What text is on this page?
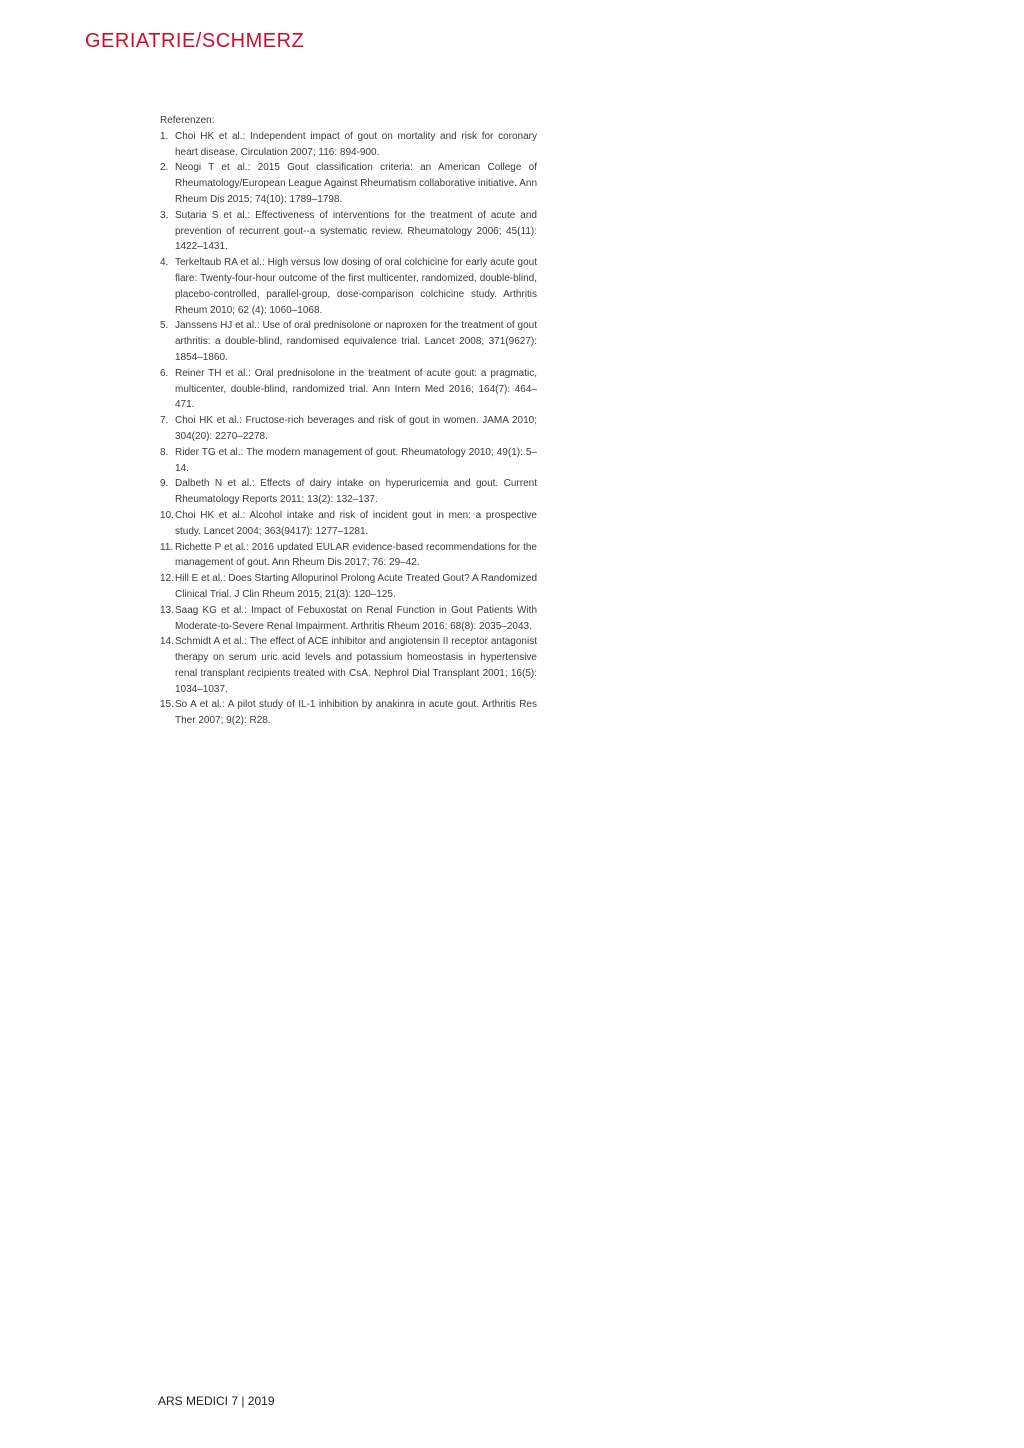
GERIATRIE/SCHMERZ

Referenzen:

1. Choi HK et al.: Independent impact of gout on mortality and risk for coronary heart disease. Circulation 2007; 116: 894-900.
2. Neogi T et al.: 2015 Gout classification criteria: an American College of Rheumatology/European League Against Rheumatism collaborative initiative. Ann Rheum Dis 2015; 74(10): 1789–1798.
3. Sutaria S et al.: Effectiveness of interventions for the treatment of acute and prevention of recurrent gout--a systematic review. Rheumatology 2006; 45(11): 1422–1431.
4. Terkeltaub RA et al.: High versus low dosing of oral colchicine for early acute gout flare: Twenty-four-hour outcome of the first multicenter, randomized, double-blind, placebo-controlled, parallel-group, dose-comparison colchicine study. Arthritis Rheum 2010; 62 (4): 1060–1068.
5. Janssens HJ et al.: Use of oral prednisolone or naproxen for the treatment of gout arthritis: a double-blind, randomised equivalence trial. Lancet 2008; 371(9627): 1854–1860.
6. Reiner TH et al.: Oral prednisolone in the treatment of acute gout: a pragmatic, multicenter, double-blind, randomized trial. Ann Intern Med 2016; 164(7): 464–471.
7. Choi HK et al.: Fructose-rich beverages and risk of gout in women. JAMA 2010; 304(20): 2270–2278.
8. Rider TG et al.: The modern management of gout. Rheumatology 2010; 49(1): 5–14.
9. Dalbeth N et al.: Effects of dairy intake on hyperuricemia and gout. Current Rheumatology Reports 2011; 13(2): 132–137.
10. Choi HK et al.: Alcohol intake and risk of incident gout in men: a prospective study. Lancet 2004; 363(9417): 1277–1281.
11. Richette P et al.: 2016 updated EULAR evidence-based recommendations for the management of gout. Ann Rheum Dis 2017; 76: 29–42.
12. Hill E et al.: Does Starting Allopurinol Prolong Acute Treated Gout? A Randomized Clinical Trial. J Clin Rheum 2015; 21(3): 120–125.
13. Saag KG et al.: Impact of Febuxostat on Renal Function in Gout Patients With Moderate-to-Severe Renal Impairment. Arthritis Rheum 2016; 68(8): 2035–2043.
14. Schmidt A et al.: The effect of ACE inhibitor and angiotensin II receptor antagonist therapy on serum uric acid levels and potassium homeostasis in hypertensive renal transplant recipients treated with CsA. Nephrol Dial Transplant 2001; 16(5): 1034–1037.
15. So A et al.: A pilot study of IL-1 inhibition by anakinra in acute gout. Arthritis Res Ther 2007; 9(2): R28.
ARS MEDICI 7 | 2019
